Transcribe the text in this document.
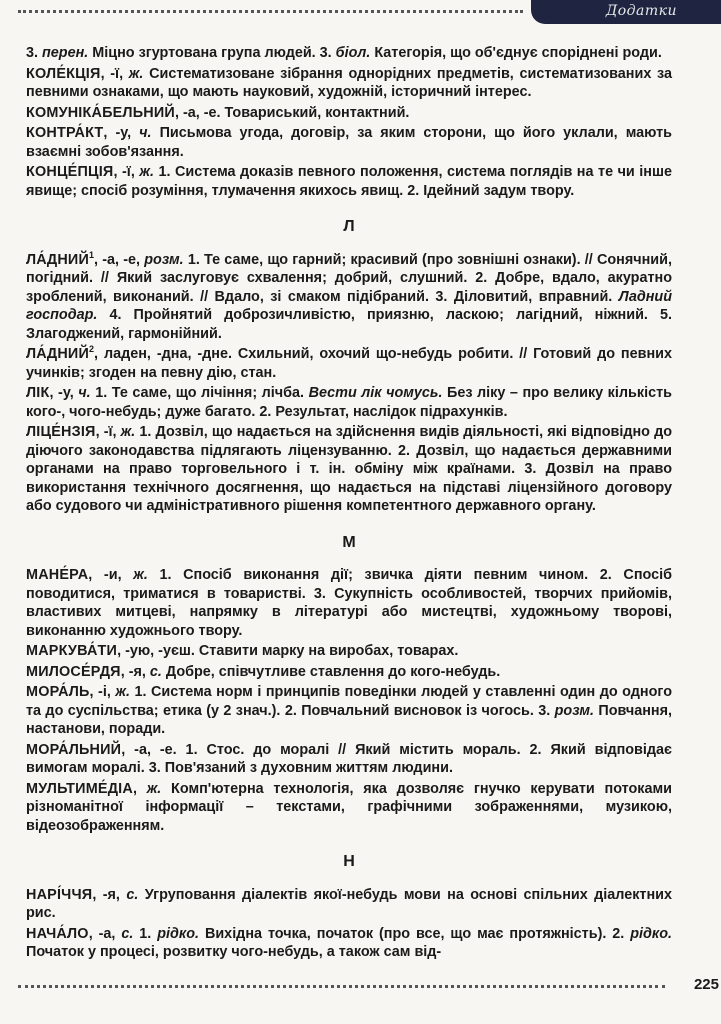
Додатки
3. перен. Міцно згуртована група людей. 3. біол. Категорія, що об'єднує споріднені роди.
КОЛЕ́КЦІЯ, -ї, ж. Систематизоване зібрання однорідних предметів, систематизованих за певними ознаками, що мають науковий, художній, історичний інтерес.
КОМУНІКА́БЕЛЬНИЙ, -а, -е. Товариський, контактний.
КОНТРА́КТ, -у, ч. Письмова угода, договір, за яким сторони, що його уклали, мають взаємні зобов'язання.
КОНЦЕ́ПЦІЯ, -ї, ж. 1. Система доказів певного положення, система поглядів на те чи інше явище; спосіб розуміння, тлумачення якихось явищ. 2. Ідейний задум твору.
Л
ЛА́ДНИЙ$^1$, -а, -е, розм. 1. Те саме, що гарний; красивий (про зовнішні ознаки). // Сонячний, погідний. // Який заслуговує схвалення; добрий, слушний. 2. Добре, вдало, акуратно зроблений, виконаний. // Вдало, зі смаком підібраний. 3. Діловитий, вправний. Ладний господар. 4. Пройнятий доброзичливістю, приязню, ласкою; лагідний, ніжний. 5. Злагоджений, гармонійний.
ЛА́ДНИЙ$^2$, ладен, -дна, -дне. Схильний, охочий що-небудь робити. // Готовий до певних учинків; згоден на певну дію, стан.
ЛІК, -у, ч. 1. Те саме, що лічіння; лічба. Вести лік чомусь. Без ліку – про велику кількість кого-, чого-небудь; дуже багато. 2. Результат, наслідок підрахунків.
ЛІЦЕ́НЗІЯ, -ї, ж. 1. Дозвіл, що надається на здійснення видів діяльності, які відповідно до діючого законодавства підлягають ліцензуванню. 2. Дозвіл, що надається державними органами на право торговельного і т. ін. обміну між країнами. 3. Дозвіл на право використання технічного досягнення, що надається на підставі ліцензійного договору або судового чи адміністративного рішення компетентного державного органу.
М
МАНЕ́РА, -и, ж. 1. Спосіб виконання дії; звичка діяти певним чином. 2. Спосіб поводитися, триматися в товаристві. 3. Сукупність особливостей, творчих прийомів, властивих митцеві, напрямку в літературі або мистецтві, художньому творові, виконанню художнього твору.
МАРКУВА́ТИ, -ую, -уєш. Ставити марку на виробах, товарах.
МИЛОСЕ́РДЯ, -я, с. Добре, співчутливе ставлення до кого-небудь.
МОРА́ЛЬ, -і, ж. 1. Система норм і принципів поведінки людей у ставленні один до одного та до суспільства; етика (у 2 знач.). 2. Повчальний висновок із чогось. 3. розм. Повчання, настанови, поради.
МОРА́ЛЬНИЙ, -а, -е. 1. Стос. до моралі // Який містить мораль. 2. Який відповідає вимогам моралі. 3. Пов'язаний з духовним життям людини.
МУЛЬТИМЕ́ДІА, ж. Комп'ютерна технологія, яка дозволяє гнучко керувати потоками різноманітної інформації – текстами, графічними зображеннями, музикою, відеозображенням.
Н
НАРІ́ЧЧЯ, -я, с. Угруповання діалектів якої-небудь мови на основі спільних діалектних рис.
НАЧА́ЛО, -а, с. 1. рідко. Вихідна точка, початок (про все, що має протяжність). 2. рідко. Початок у процесі, розвитку чого-небудь, а також сам від-
225
